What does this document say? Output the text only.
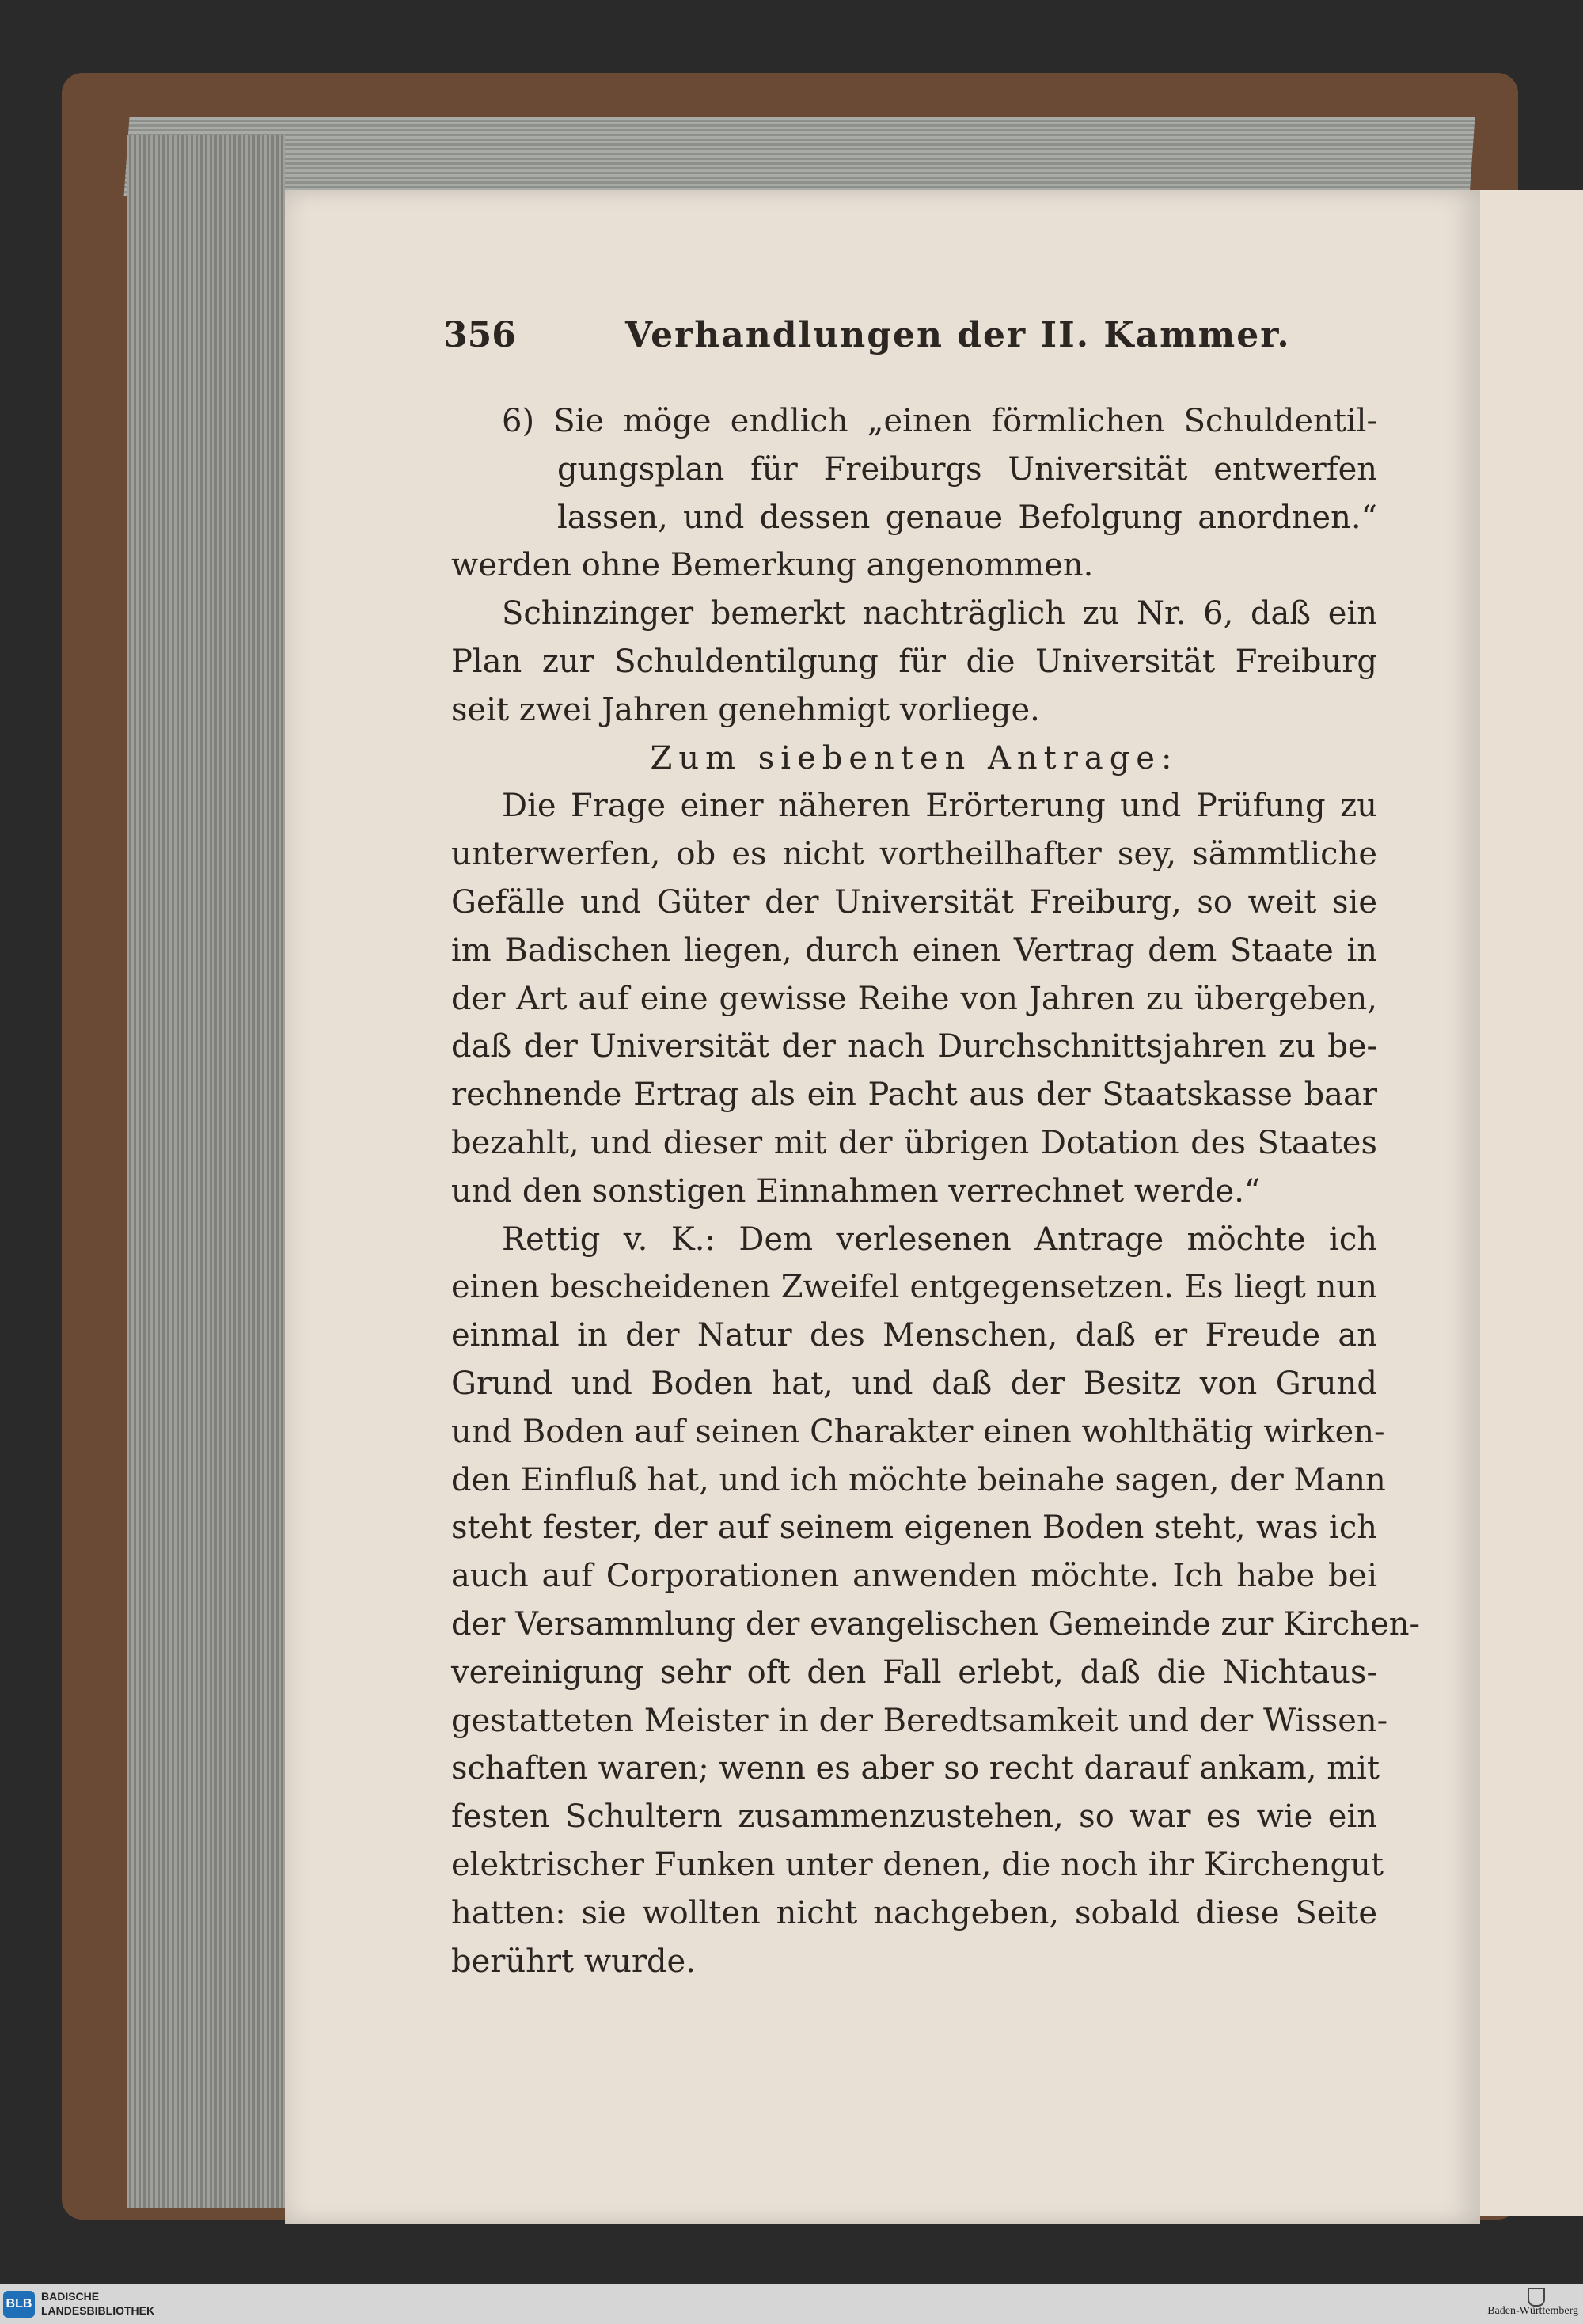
356	Verhandlungen der II. Kammer.
6) Sie möge endlich „einen förmlichen Schuldentil-
gungsplan für Freiburgs Universität entwerfen
lassen, und dessen genaue Befolgung anordnen.“
werden ohne Bemerkung angenommen.
Schinzinger bemerkt nachträglich zu Nr. 6, daß ein
Plan zur Schuldentilgung für die Universität Freiburg
seit zwei Jahren genehmigt vorliege.
Zum siebenten Antrage:
Die Frage einer näheren Erörterung und Prüfung zu
unterwerfen, ob es nicht vortheilhafter sey, sämmtliche
Gefälle und Güter der Universität Freiburg, so weit sie
im Badischen liegen, durch einen Vertrag dem Staate in
der Art auf eine gewisse Reihe von Jahren zu übergeben,
daß der Universität der nach Durchschnittsjahren zu be-
rechnende Ertrag als ein Pacht aus der Staatskasse baar
bezahlt, und dieser mit der übrigen Dotation des Staates
und den sonstigen Einnahmen verrechnet werde.“
Rettig v. K.: Dem verlesenen Antrage möchte ich
einen bescheidenen Zweifel entgegensetzen. Es liegt nun
einmal in der Natur des Menschen, daß er Freude an
Grund und Boden hat, und daß der Besitz von Grund
und Boden auf seinen Charakter einen wohlthätig wirken-
den Einfluß hat, und ich möchte beinahe sagen, der Mann
steht fester, der auf seinem eigenen Boden steht, was ich
auch auf Corporationen anwenden möchte. Ich habe bei
der Versammlung der evangelischen Gemeinde zur Kirchen-
vereinigung sehr oft den Fall erlebt, daß die Nichtaus-
gestatteten Meister in der Beredtsamkeit und der Wissen-
schaften waren; wenn es aber so recht darauf ankam, mit
festen Schultern zusammenzustehen, so war es wie ein
elektrischer Funken unter denen, die noch ihr Kirchengut
hatten: sie wollten nicht nachgeben, sobald diese Seite
berührt wurde.
BLB
BADISCHE
LANDESBIBLIOTHEK	Baden-Württemberg
